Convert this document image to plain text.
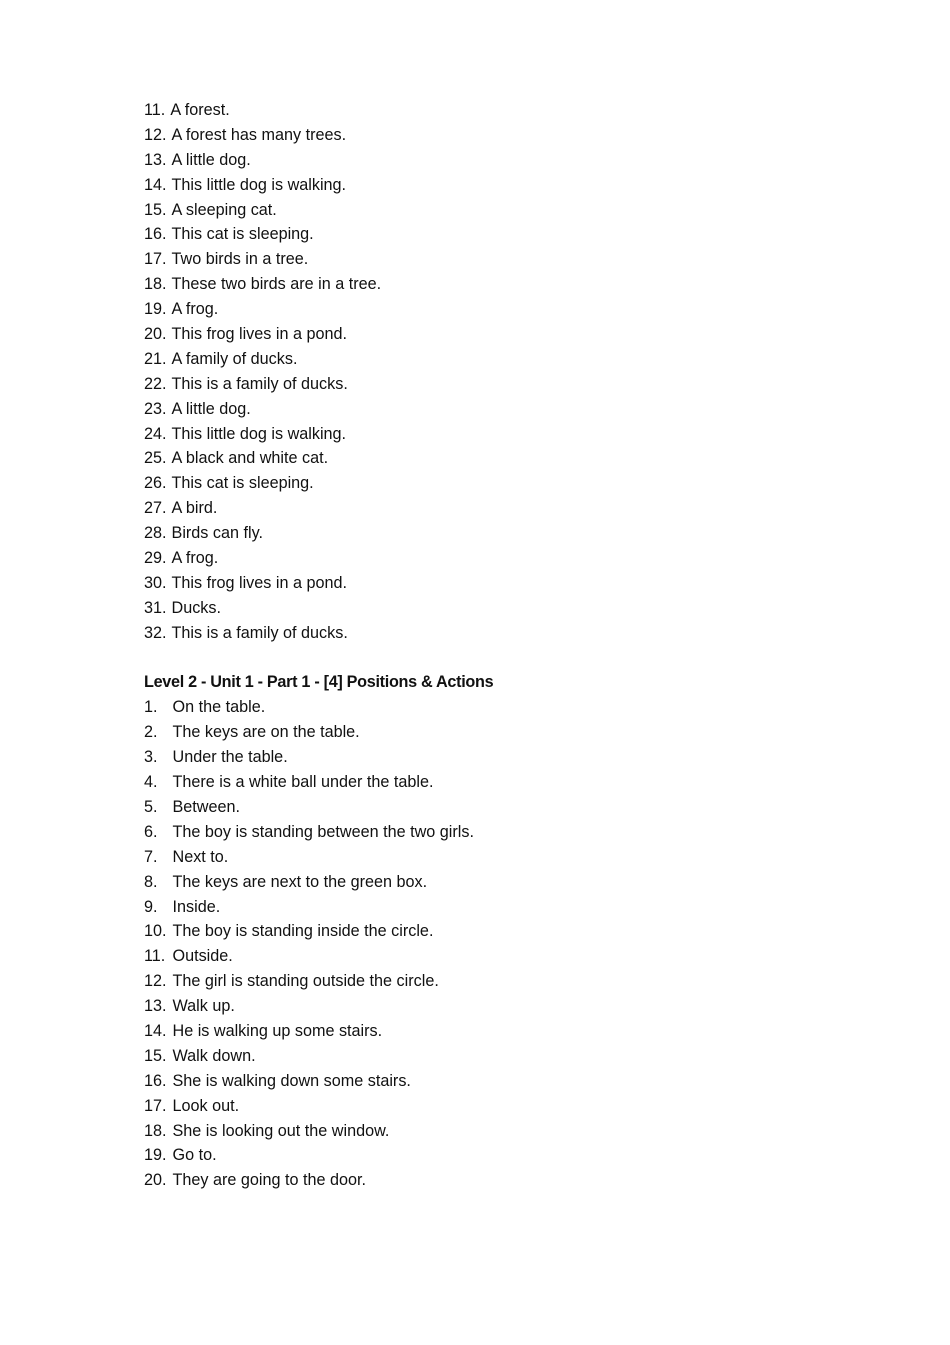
11. A forest.
12. A forest has many trees.
13. A little dog.
14. This little dog is walking.
15. A sleeping cat.
16. This cat is sleeping.
17. Two birds in a tree.
18. These two birds are in a tree.
19. A frog.
20. This frog lives in a pond.
21. A family of ducks.
22. This is a family of ducks.
23. A little dog.
24. This little dog is walking.
25. A black and white cat.
26. This cat is sleeping.
27. A bird.
28. Birds can fly.
29. A frog.
30. This frog lives in a pond.
31. Ducks.
32. This is a family of ducks.
Level 2 - Unit 1 - Part 1 - [4] Positions & Actions
1. On the table.
2. The keys are on the table.
3. Under the table.
4. There is a white ball under the table.
5. Between.
6. The boy is standing between the two girls.
7. Next to.
8. The keys are next to the green box.
9. Inside.
10. The boy is standing inside the circle.
11. Outside.
12. The girl is standing outside the circle.
13. Walk up.
14. He is walking up some stairs.
15. Walk down.
16. She is walking down some stairs.
17. Look out.
18. She is looking out the window.
19. Go to.
20. They are going to the door.
